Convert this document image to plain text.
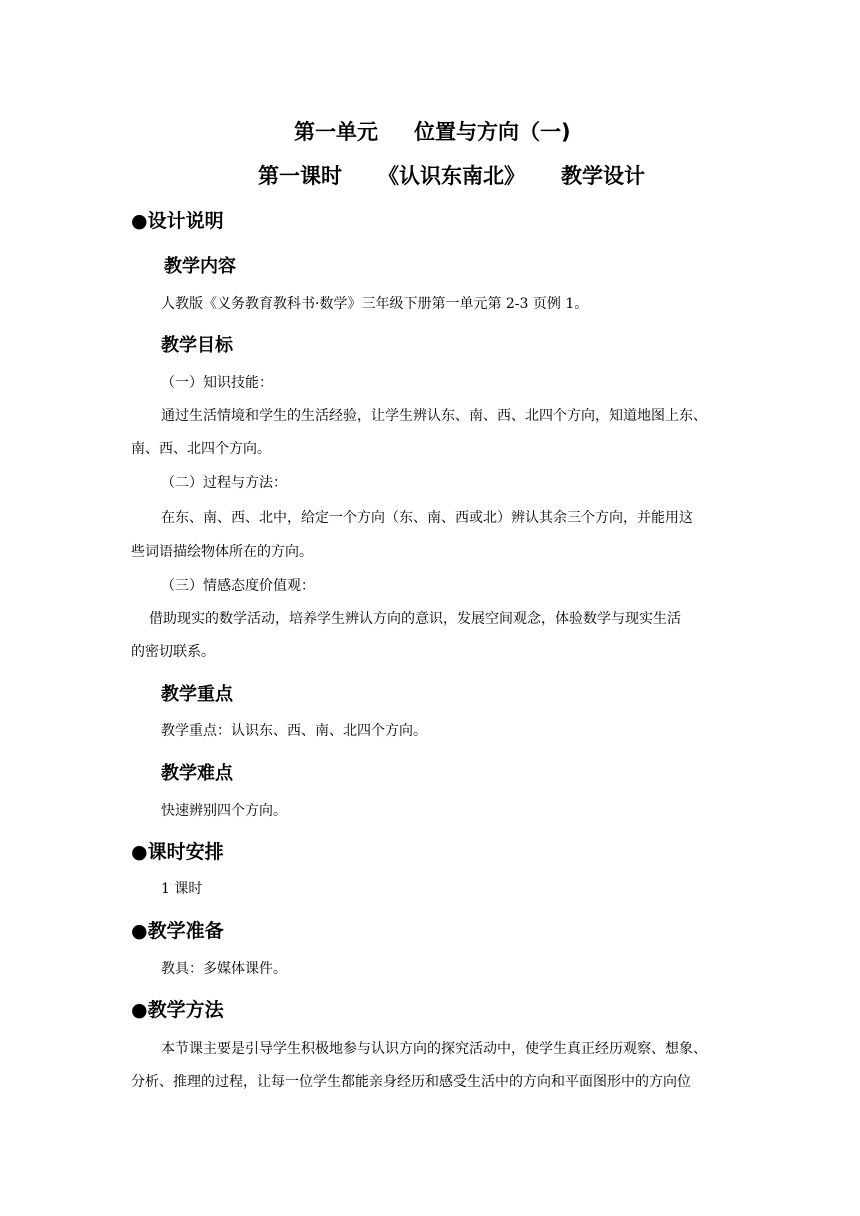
第一单元 位置与方向（一)
第一课时 《认识东南北》 教学设计
●设计说明
教学内容
人教版《义务教育教科书·数学》三年级下册第一单元第 2-3 页例 1。
教学目标
（一）知识技能：
通过生活情境和学生的生活经验，让学生辨认东、南、西、北四个方向，知道地图上东、
南、西、北四个方向。
（二）过程与方法：
在东、南、西、北中，给定一个方向（东、南、西或北）辨认其余三个方向，并能用这
些词语描绘物体所在的方向。
（三）情感态度价值观：
借助现实的数学活动，培养学生辨认方向的意识，发展空间观念，体验数学与现实生活
的密切联系。
教学重点
教学重点：认识东、西、南、北四个方向。
教学难点
快速辨别四个方向。
●课时安排
1 课时
●教学准备
教具：多媒体课件。
●教学方法
本节课主要是引导学生积极地参与认识方向的探究活动中，使学生真正经历观察、想象、
分析、推理的过程，让每一位学生都能亲身经历和感受生活中的方向和平面图形中的方向位
